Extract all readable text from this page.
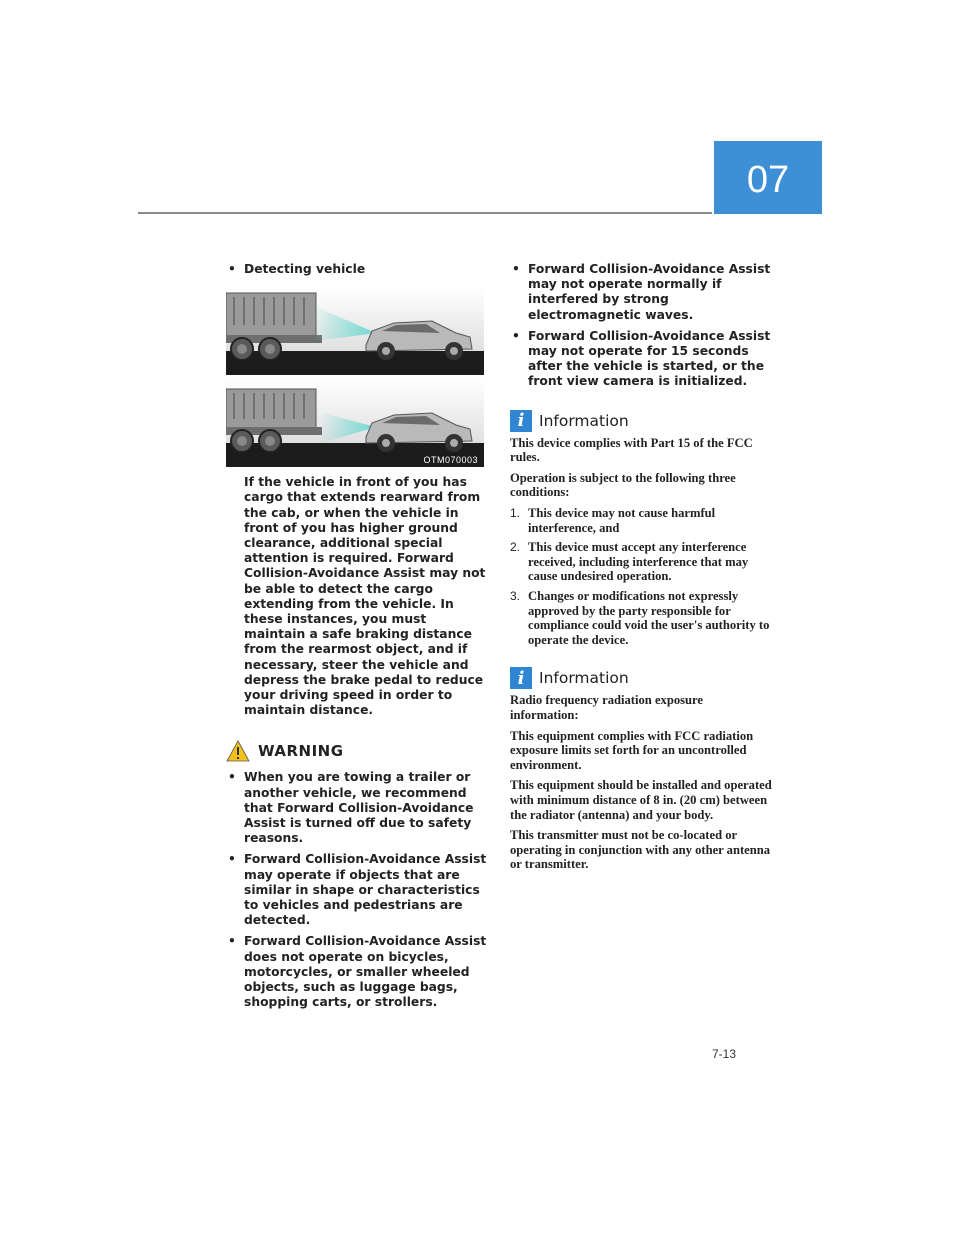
07
• Detecting vehicle
OTM070003
If the vehicle in front of you has cargo that extends rearward from the cab, or when the vehicle in front of you has higher ground clearance, additional special attention is required. Forward Collision-Avoidance Assist may not be able to detect the cargo extending from the vehicle. In these instances, you must maintain a safe braking distance from the rearmost object, and if necessary, steer the vehicle and depress the brake pedal to reduce your driving speed in order to maintain distance.
WARNING
• When you are towing a trailer or another vehicle, we recommend that Forward Collision-Avoidance Assist is turned off due to safety reasons.
• Forward Collision-Avoidance Assist may operate if objects that are similar in shape or characteristics to vehicles and pedestrians are detected.
• Forward Collision-Avoidance Assist does not operate on bicycles, motorcycles, or smaller wheeled objects, such as luggage bags, shopping carts, or strollers.
• Forward Collision-Avoidance Assist may not operate normally if interfered by strong electromagnetic waves.
• Forward Collision-Avoidance Assist may not operate for 15 seconds after the vehicle is started, or the front view camera is initialized.
i Information

This device complies with Part 15 of the FCC rules.

Operation is subject to the following three conditions:

1. This device may not cause harmful interference, and
2. This device must accept any interference received, including interference that may cause undesired operation.
3. Changes or modifications not expressly approved by the party responsible for compliance could void the user's authority to operate the device.
i Information

Radio frequency radiation exposure information:

This equipment complies with FCC radiation exposure limits set forth for an uncontrolled environment.

This equipment should be installed and operated with minimum distance of 8 in. (20 cm) between the radiator (antenna) and your body.

This transmitter must not be co-located or operating in conjunction with any other antenna or transmitter.

7-13
